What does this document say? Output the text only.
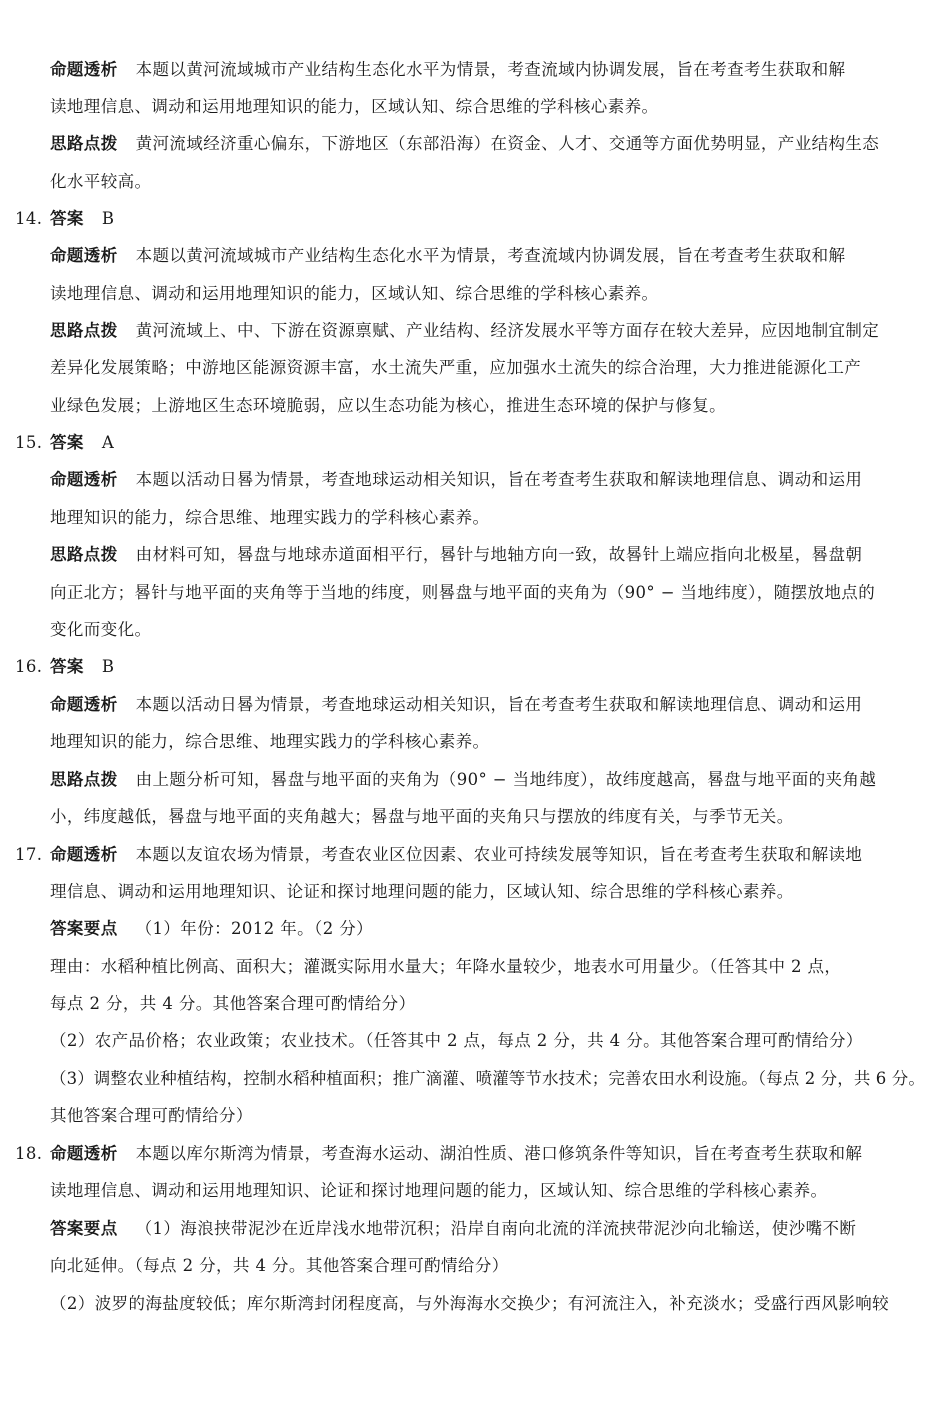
命题透析 本题以黄河流域城市产业结构生态化水平为情景，考查流域内协调发展，旨在考查考生获取和解
读地理信息、调动和运用地理知识的能力，区域认知、综合思维的学科核心素养。
思路点拨 黄河流域经济重心偏东，下游地区（东部沿海）在资金、人才、交通等方面优势明显，产业结构生态
化水平较高。
14. 答案 B
命题透析 本题以黄河流域城市产业结构生态化水平为情景，考查流域内协调发展，旨在考查考生获取和解
读地理信息、调动和运用地理知识的能力，区域认知、综合思维的学科核心素养。
思路点拨 黄河流域上、中、下游在资源禀赋、产业结构、经济发展水平等方面存在较大差异，应因地制宜制定
差异化发展策略；中游地区能源资源丰富，水土流失严重，应加强水土流失的综合治理，大力推进能源化工产
业绿色发展；上游地区生态环境脆弱，应以生态功能为核心，推进生态环境的保护与修复。
15. 答案 A
命题透析 本题以活动日晷为情景，考查地球运动相关知识，旨在考查考生获取和解读地理信息、调动和运用
地理知识的能力，综合思维、地理实践力的学科核心素养。
思路点拨 由材料可知，晷盘与地球赤道面相平行，晷针与地轴方向一致，故晷针上端应指向北极星，晷盘朝
向正北方；晷针与地平面的夹角等于当地的纬度，则晷盘与地平面的夹角为（90° − 当地纬度），随摆放地点的
变化而变化。
16. 答案 B
命题透析 本题以活动日晷为情景，考查地球运动相关知识，旨在考查考生获取和解读地理信息、调动和运用
地理知识的能力，综合思维、地理实践力的学科核心素养。
思路点拨 由上题分析可知，晷盘与地平面的夹角为（90° − 当地纬度），故纬度越高，晷盘与地平面的夹角越
小，纬度越低，晷盘与地平面的夹角越大；晷盘与地平面的夹角只与摆放的纬度有关，与季节无关。
17. 命题透析 本题以友谊农场为情景，考查农业区位因素、农业可持续发展等知识，旨在考查考生获取和解读地
理信息、调动和运用地理知识、论证和探讨地理问题的能力，区域认知、综合思维的学科核心素养。
答案要点 （1）年份：2012 年。（2 分）
理由：水稻种植比例高、面积大；灌溉实际用水量大；年降水量较少，地表水可用量少。（任答其中 2 点，
每点 2 分，共 4 分。其他答案合理可酌情给分）
（2）农产品价格；农业政策；农业技术。（任答其中 2 点，每点 2 分，共 4 分。其他答案合理可酌情给分）
（3）调整农业种植结构，控制水稻种植面积；推广滴灌、喷灌等节水技术；完善农田水利设施。（每点 2 分，共 6 分。
其他答案合理可酌情给分）
18. 命题透析 本题以库尔斯湾为情景，考查海水运动、湖泊性质、港口修筑条件等知识，旨在考查考生获取和解
读地理信息、调动和运用地理知识、论证和探讨地理问题的能力，区域认知、综合思维的学科核心素养。
答案要点 （1）海浪挟带泥沙在近岸浅水地带沉积；沿岸自南向北流的洋流挟带泥沙向北输送，使沙嘴不断
向北延伸。（每点 2 分，共 4 分。其他答案合理可酌情给分）
（2）波罗的海盐度较低；库尔斯湾封闭程度高，与外海海水交换少；有河流注入，补充淡水；受盛行西风影响较
